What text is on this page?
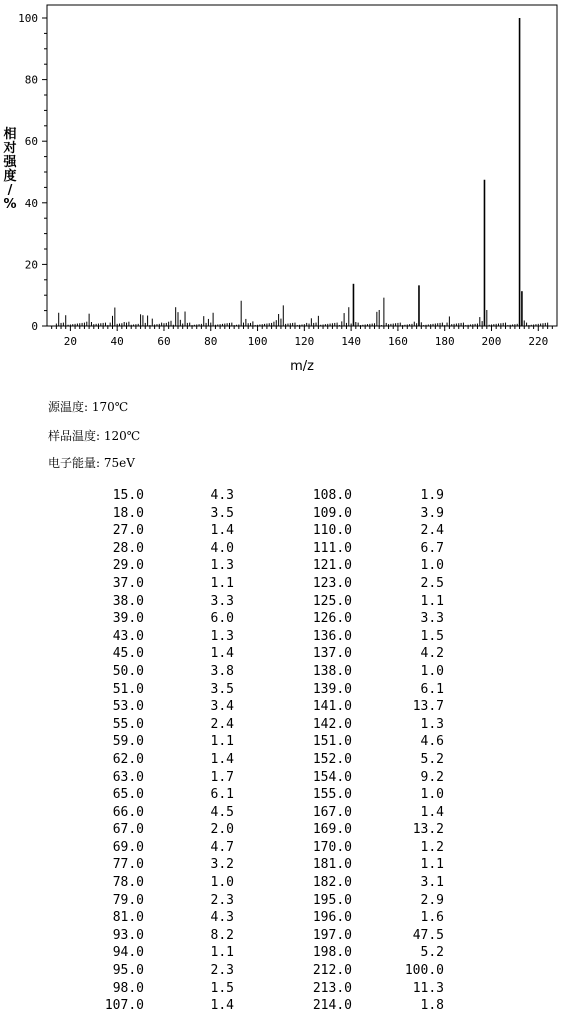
0
20
40
60
80
100
20	40	60	80	100 120 140 160 180 200 220
m/z
相
对
强
度
/
%
源温度: 170℃
样品温度: 120℃
电子能量: 75eV
15.0	4.3	108.0	1.9
18.0	3.5	109.0	3.9
27.0	1.4	110.0	2.4
28.0	4.0	111.0	6.7
29.0	1.3	121.0	1.0
37.0	1.1	123.0	2.5
38.0	3.3	125.0	1.1
39.0	6.0	126.0	3.3
43.0	1.3	136.0	1.5
45.0	1.4	137.0	4.2
50.0	3.8	138.0	1.0
51.0	3.5	139.0	6.1
53.0	3.4	141.0	13.7
55.0	2.4	142.0	1.3
59.0	1.1	151.0	4.6
62.0	1.4	152.0	5.2
63.0	1.7	154.0	9.2
65.0	6.1	155.0	1.0
66.0	4.5	167.0	1.4
67.0	2.0	169.0	13.2
69.0	4.7	170.0	1.2
77.0	3.2	181.0	1.1
78.0	1.0	182.0	3.1
79.0	2.3	195.0	2.9
81.0	4.3	196.0	1.6
93.0	8.2	197.0	47.5
94.0	1.1	198.0	5.2
95.0	2.3	212.0	100.0
98.0	1.5	213.0	11.3
107.0	1.4	214.0	1.8
